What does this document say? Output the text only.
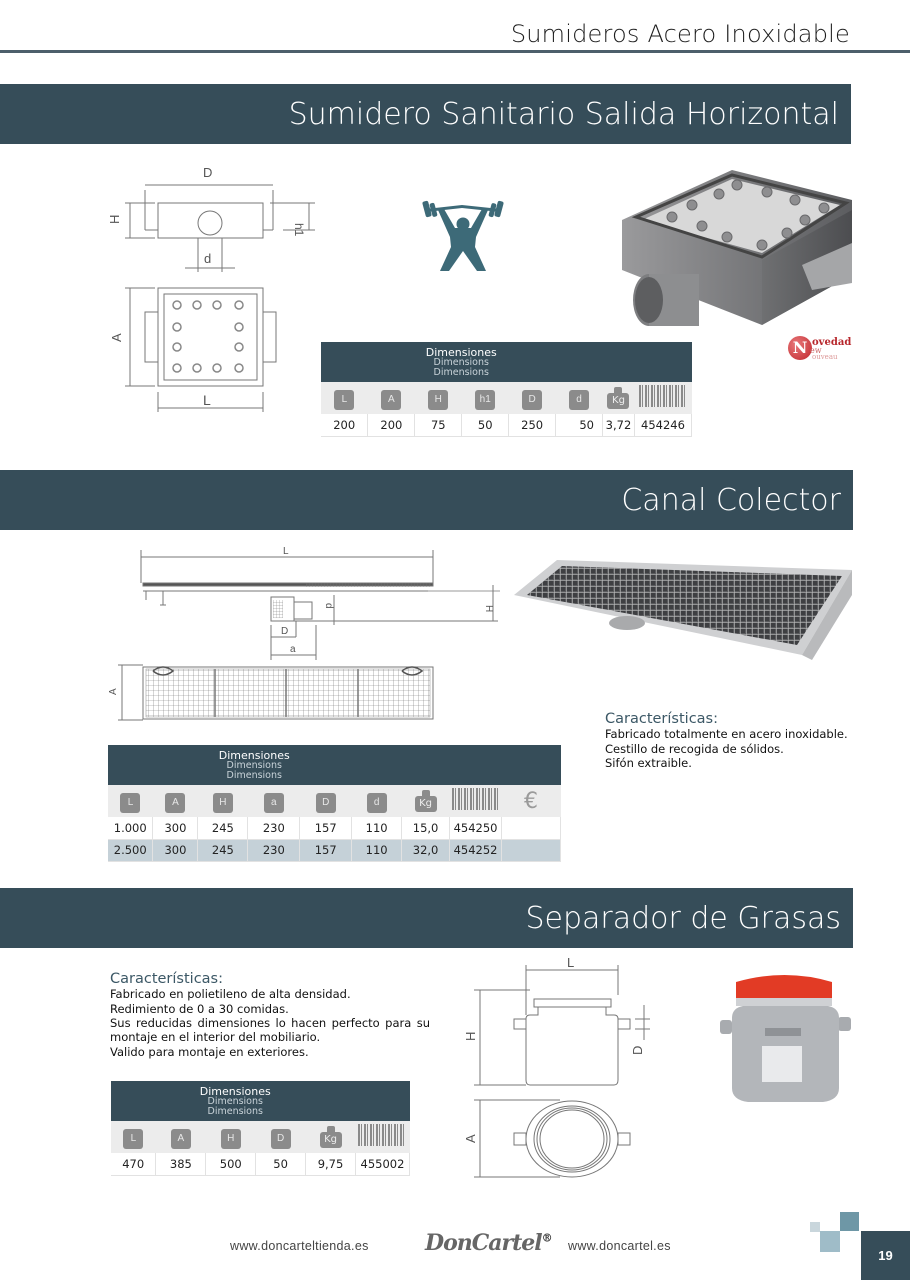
Sumideros Acero Inoxidable
Sumidero Sanitario Salida Horizontal
D
H
h1
d
A
L
N ovedad
ew
ouveau
Dimensiones
Dimensions
Dimensions							

L	A	H	h1	D	d	Kg	
200	200	75	50	250	50	3,72	454246
Canal Colector
L
H
d
D
a
A
Características:

Fabricado totalmente en acero inoxidable.

Cestillo de recogida de sólidos.

Sifón extraible.

Dimensiones
Dimensions
Dimensions								

L	A	H	a	D	d	Kg		€
1.000	300	245	230	157	110	15,0	454250	
2.500	300	245	230	157	110	32,0	454252	
Separador de Grasas
Características:

Fabricado en polietileno de alta densidad.

Redimiento de 0 a 30 comidas.

Sus reducidas dimensiones lo hacen perfecto para su montaje en el interior del mobiliario.

Valido para montaje en exteriores.

L
H
D
A
Dimensiones
Dimensions
Dimensions					

L	A	H	D	Kg	
470	385	500	50	9,75	455002
www.doncarteltienda.es	DonCartel®
www.doncartel.es
19
